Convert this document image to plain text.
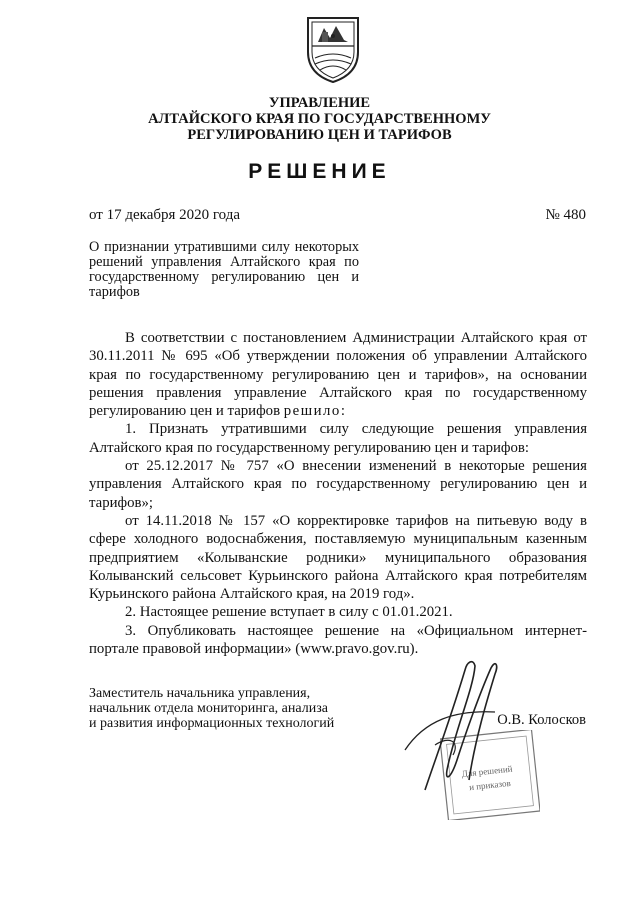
УПРАВЛЕНИЕ
АЛТАЙСКОГО КРАЯ ПО ГОСУДАРСТВЕННОМУ
РЕГУЛИРОВАНИЮ ЦЕН И ТАРИФОВ
РЕШЕНИЕ
от 17 декабря 2020 года	№ 480
О признании утратившими силу некоторых решений управления Алтайского края по государственному регулированию цен и тарифов

В соответствии с постановлением Администрации Алтайского края от 30.11.2011 № 695 «Об утверждении положения об управлении Алтайского края по государственному регулированию цен и тарифов», на основании решения правления управление Алтайского края по государственному регулированию цен и тарифов решило:

1. Признать утратившими силу следующие решения управления Алтайского края по государственному регулированию цен и тарифов:

от 25.12.2017 № 757 «О внесении изменений в некоторые решения управления Алтайского края по государственному регулированию цен и тарифов»;

от 14.11.2018 № 157 «О корректировке тарифов на питьевую воду в сфере холодного водоснабжения, поставляемую муниципальным казенным предприятием «Колыванские родники» муниципального образования Колыванский сельсовет Курьинского района Алтайского края потребителям Курьинского района Алтайского края, на 2019 год».

2. Настоящее решение вступает в силу с 01.01.2021.

3. Опубликовать настоящее решение на «Официальном интернет-портале правовой информации» (www.pravo.gov.ru).

Заместитель начальника управления,
начальник отдела мониторинга, анализа
и развития информационных технологий	О.В. Колосков
Для решений
и приказов
